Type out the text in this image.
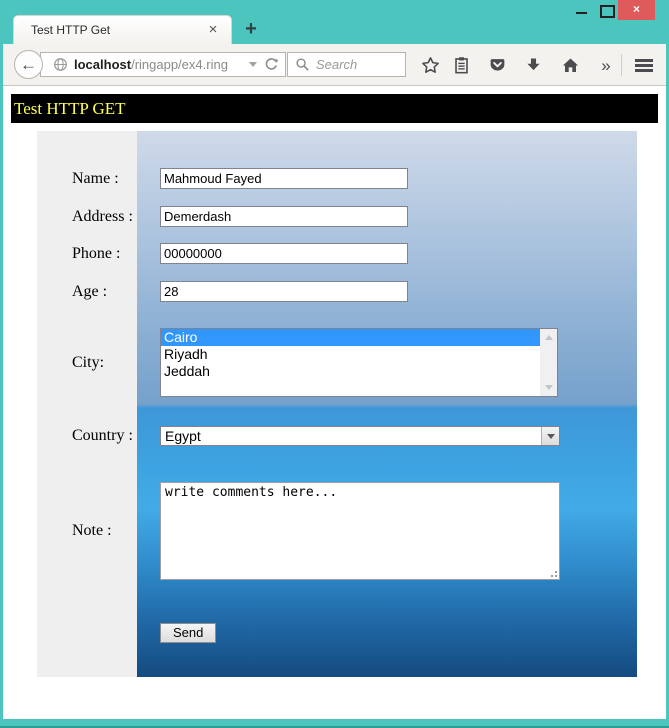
Test HTTP Get	×	+
×
←	localhost/ringapp/ex4.ring
Search	»
Test HTTP GET
Name :
Mahmoud Fayed
Address :
Demerdash
Phone :
00000000
Age :
28
City:
Cairo
Riyadh
Jeddah
Country : Egypt
Note :
write comments here...
Send
